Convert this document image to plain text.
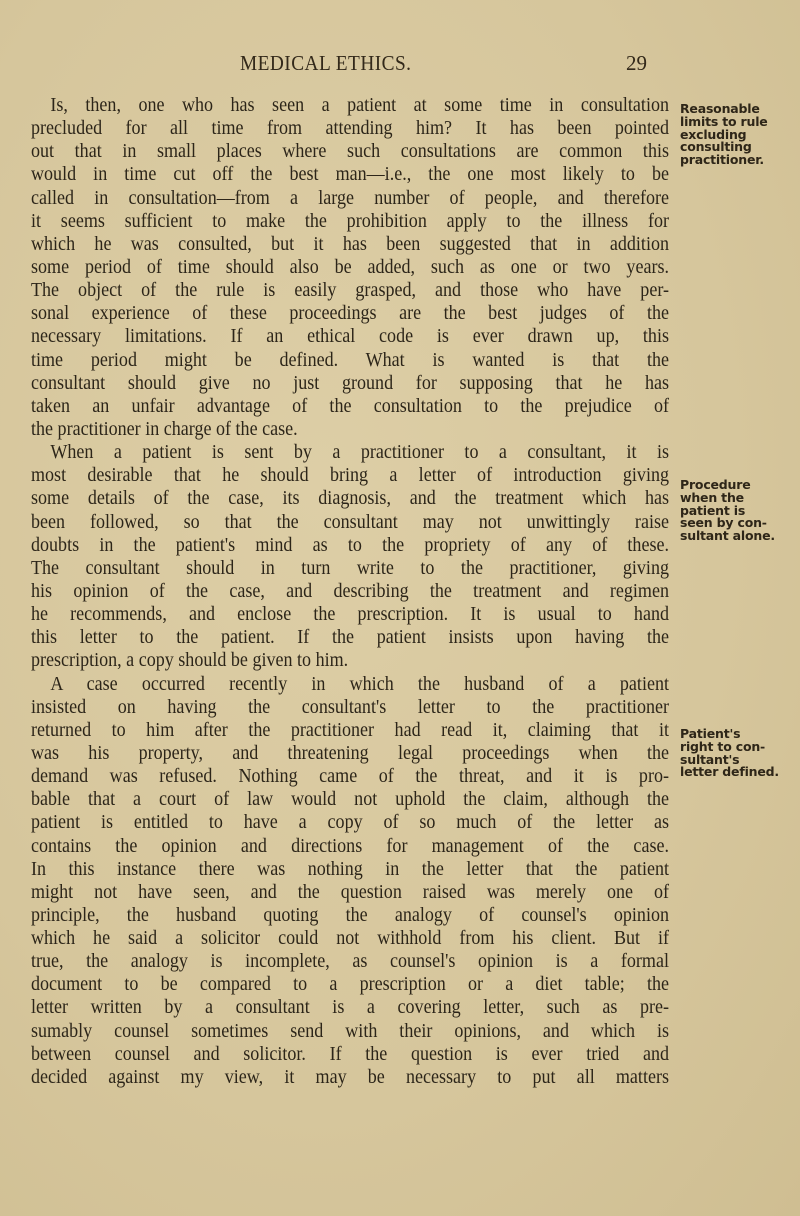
MEDICAL ETHICS.	29
Is, then, one who has seen a patient at some time in consultation
precluded for all time from attending him? It has been pointed
out that in small places where such consultations are common this
would in time cut off the best man—i.e., the one most likely to be
called in consultation—from a large number of people, and therefore
it seems sufficient to make the prohibition apply to the illness for
which he was consulted, but it has been suggested that in addition
some period of time should also be added, such as one or two years.
The object of the rule is easily grasped, and those who have per-
sonal experience of these proceedings are the best judges of the
necessary limitations. If an ethical code is ever drawn up, this
time period might be defined. What is wanted is that the
consultant should give no just ground for supposing that he has
taken an unfair advantage of the consultation to the prejudice of
the practitioner in charge of the case.
When a patient is sent by a practitioner to a consultant, it is
most desirable that he should bring a letter of introduction giving
some details of the case, its diagnosis, and the treatment which has
been followed, so that the consultant may not unwittingly raise
doubts in the patient's mind as to the propriety of any of these.
The consultant should in turn write to the practitioner, giving
his opinion of the case, and describing the treatment and regimen
he recommends, and enclose the prescription. It is usual to hand
this letter to the patient. If the patient insists upon having the
prescription, a copy should be given to him.
A case occurred recently in which the husband of a patient
insisted on having the consultant's letter to the practitioner
returned to him after the practitioner had read it, claiming that it
was his property, and threatening legal proceedings when the
demand was refused. Nothing came of the threat, and it is pro-
bable that a court of law would not uphold the claim, although the
patient is entitled to have a copy of so much of the letter as
contains the opinion and directions for management of the case.
In this instance there was nothing in the letter that the patient
might not have seen, and the question raised was merely one of
principle, the husband quoting the analogy of counsel's opinion
which he said a solicitor could not withhold from his client. But if
true, the analogy is incomplete, as counsel's opinion is a formal
document to be compared to a prescription or a diet table; the
letter written by a consultant is a covering letter, such as pre-
sumably counsel sometimes send with their opinions, and which is
between counsel and solicitor. If the question is ever tried and
decided against my view, it may be necessary to put all matters
Reasonable
limits to rule
excluding
consulting
practitioner.
Procedure
when the
patient is
seen by con-
sultant alone.
Patient's
right to con-
sultant's
letter defined.
